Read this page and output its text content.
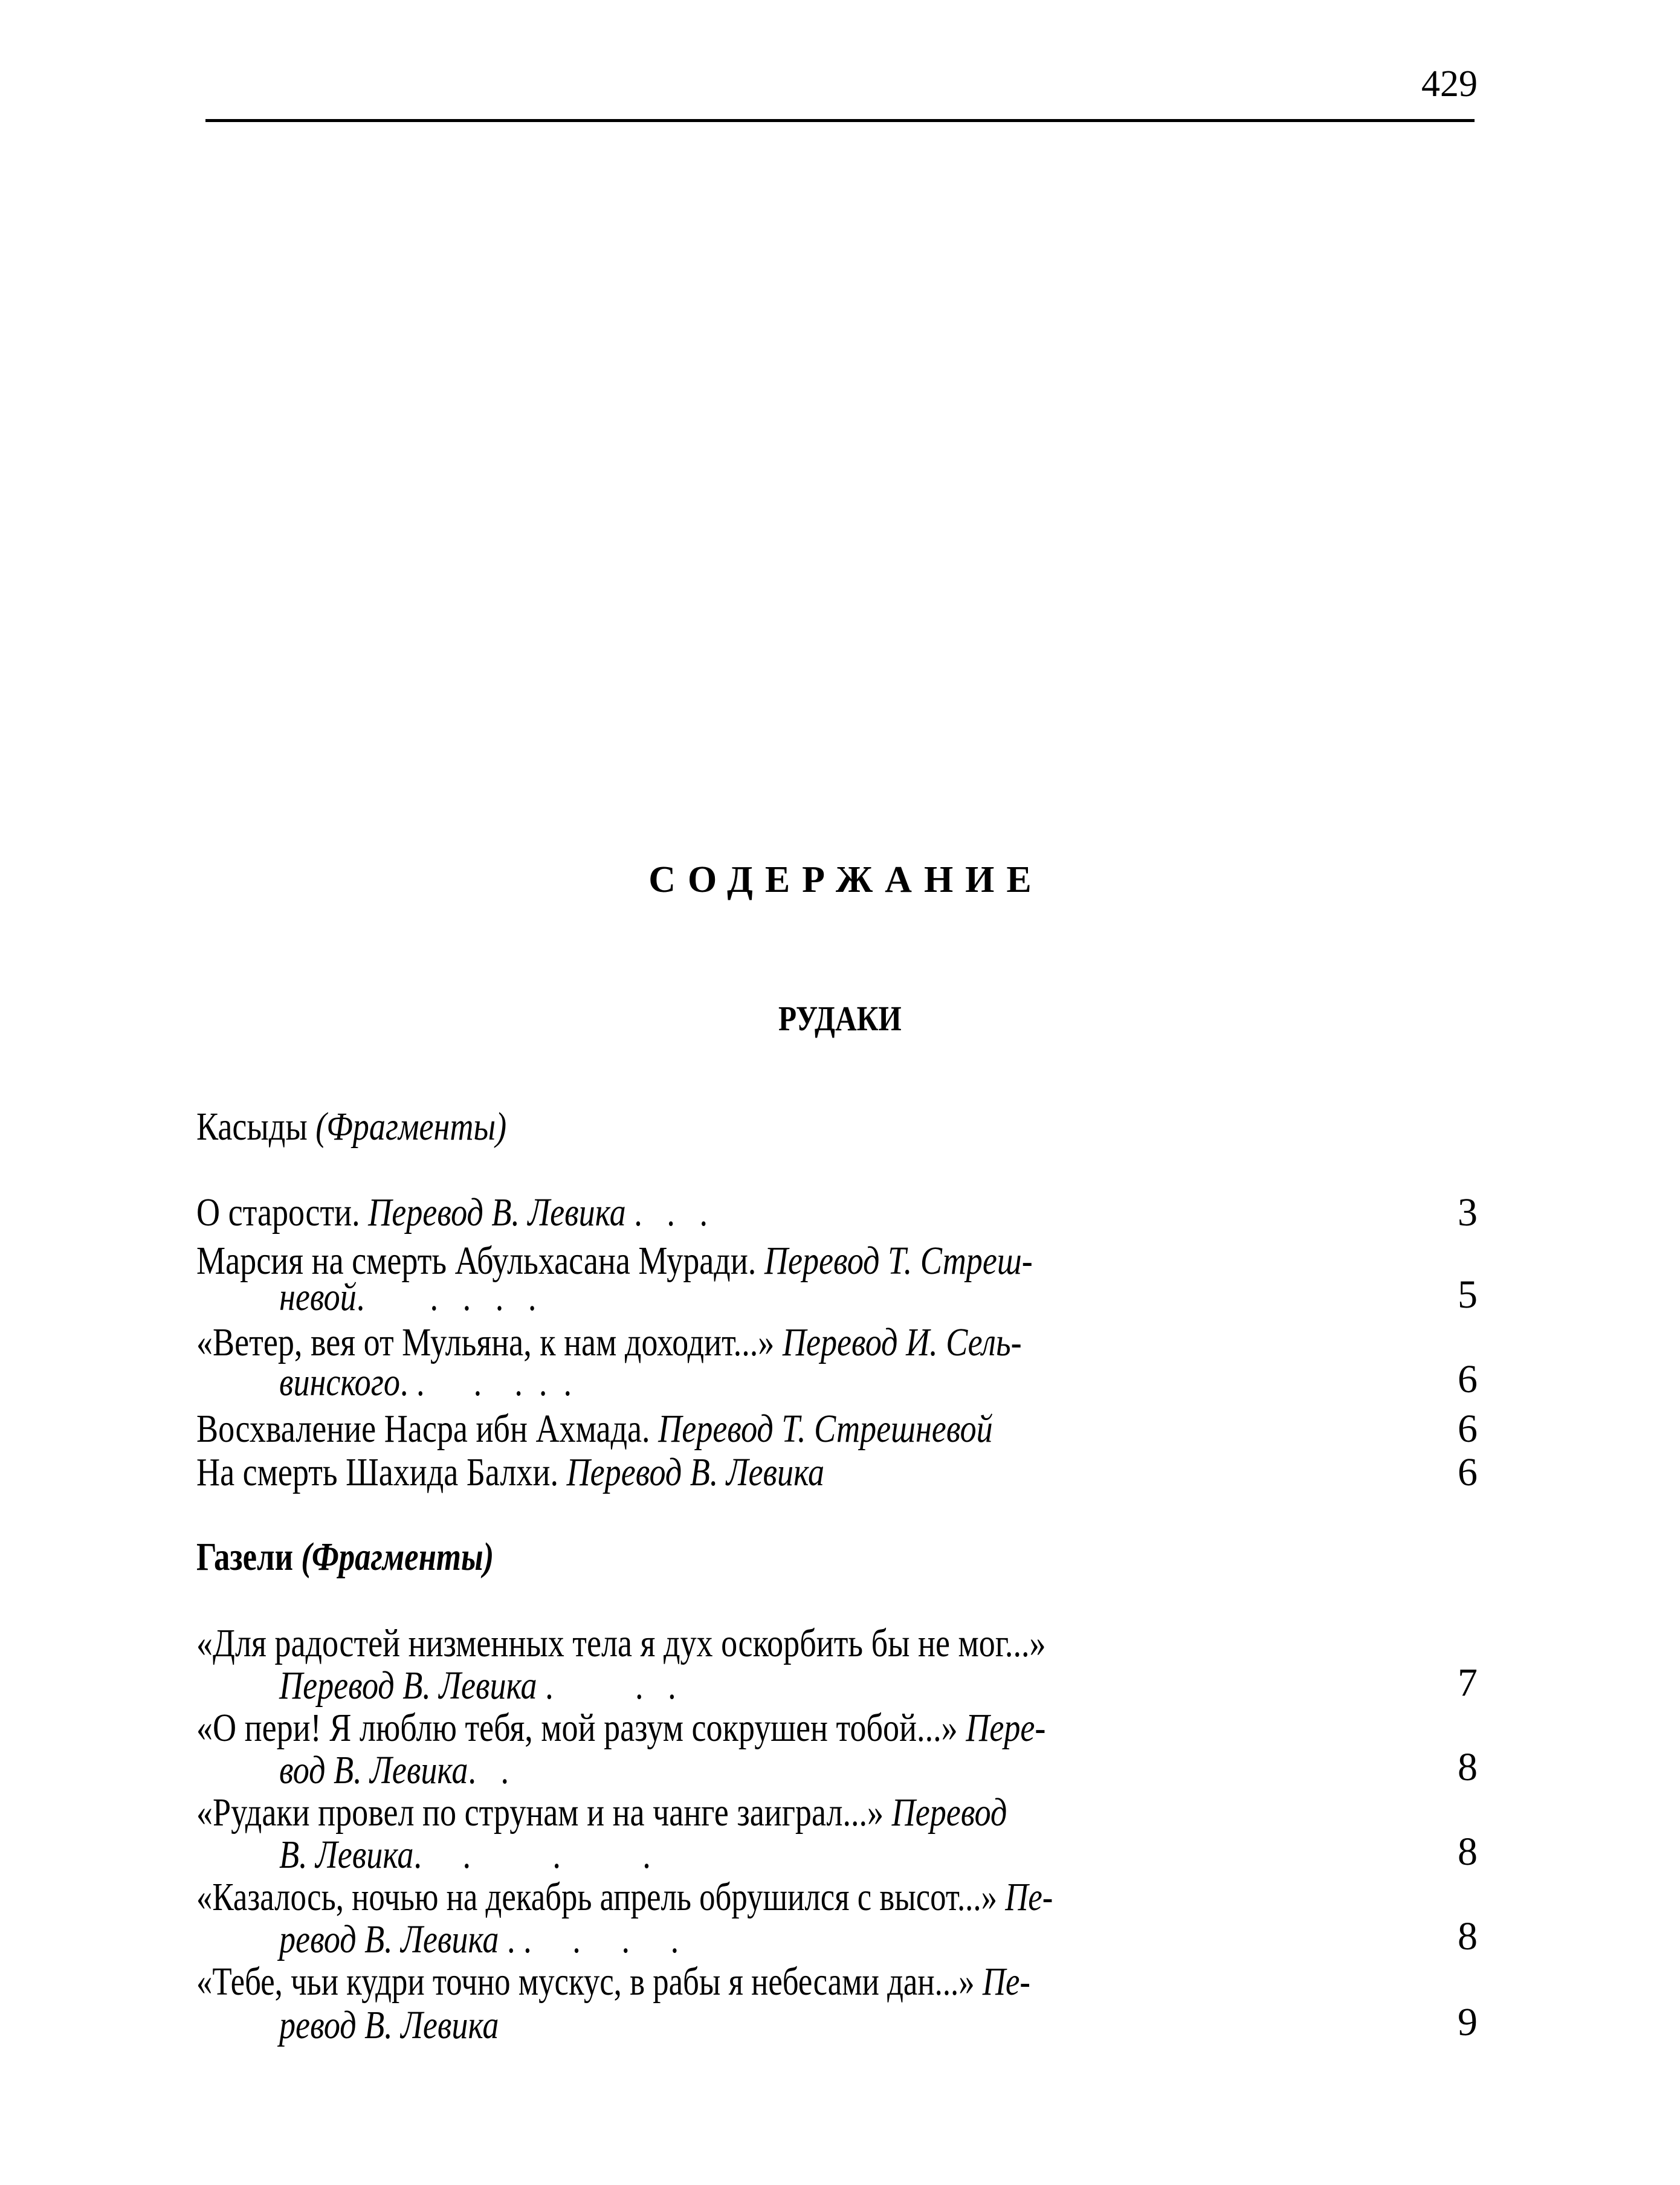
429
СОДЕРЖАНИЕ
РУДАКИ
Касыды (Фрагменты)
О старости. Перевод В. Левика .   .   .	3
Марсия на смерть Абульхасана Муради. Перевод Т. Стреш-
невой.        .   .   .   .	5
«Ветер, вея от Мульяна, к нам доходит...» Перевод И. Сель-
винского. .      .    .  .  .	6
Восхваление Насра ибн Ахмада. Перевод Т. Стрешневой	6
На смерть Шахида Балхи. Перевод В. Левика	6
Газели (Фрагменты)
«Для радостей низменных тела я дух оскорбить бы не мог...»
Перевод В. Левика .          .   .	7
«О пери! Я люблю тебя, мой разум сокрушен тобой...» Пере-
вод В. Левика.   .	8
«Рудаки провел по струнам и на чанге заиграл...» Перевод
В. Левика.     .          .          .	8
«Казалось, ночью на декабрь апрель обрушился с высот...» Пе-
ревод В. Левика . .     .     .     .	8
«Тебе, чьи кудри точно мускус, в рабы я небесами дан...» Пе-
ревод В. Левика	9
